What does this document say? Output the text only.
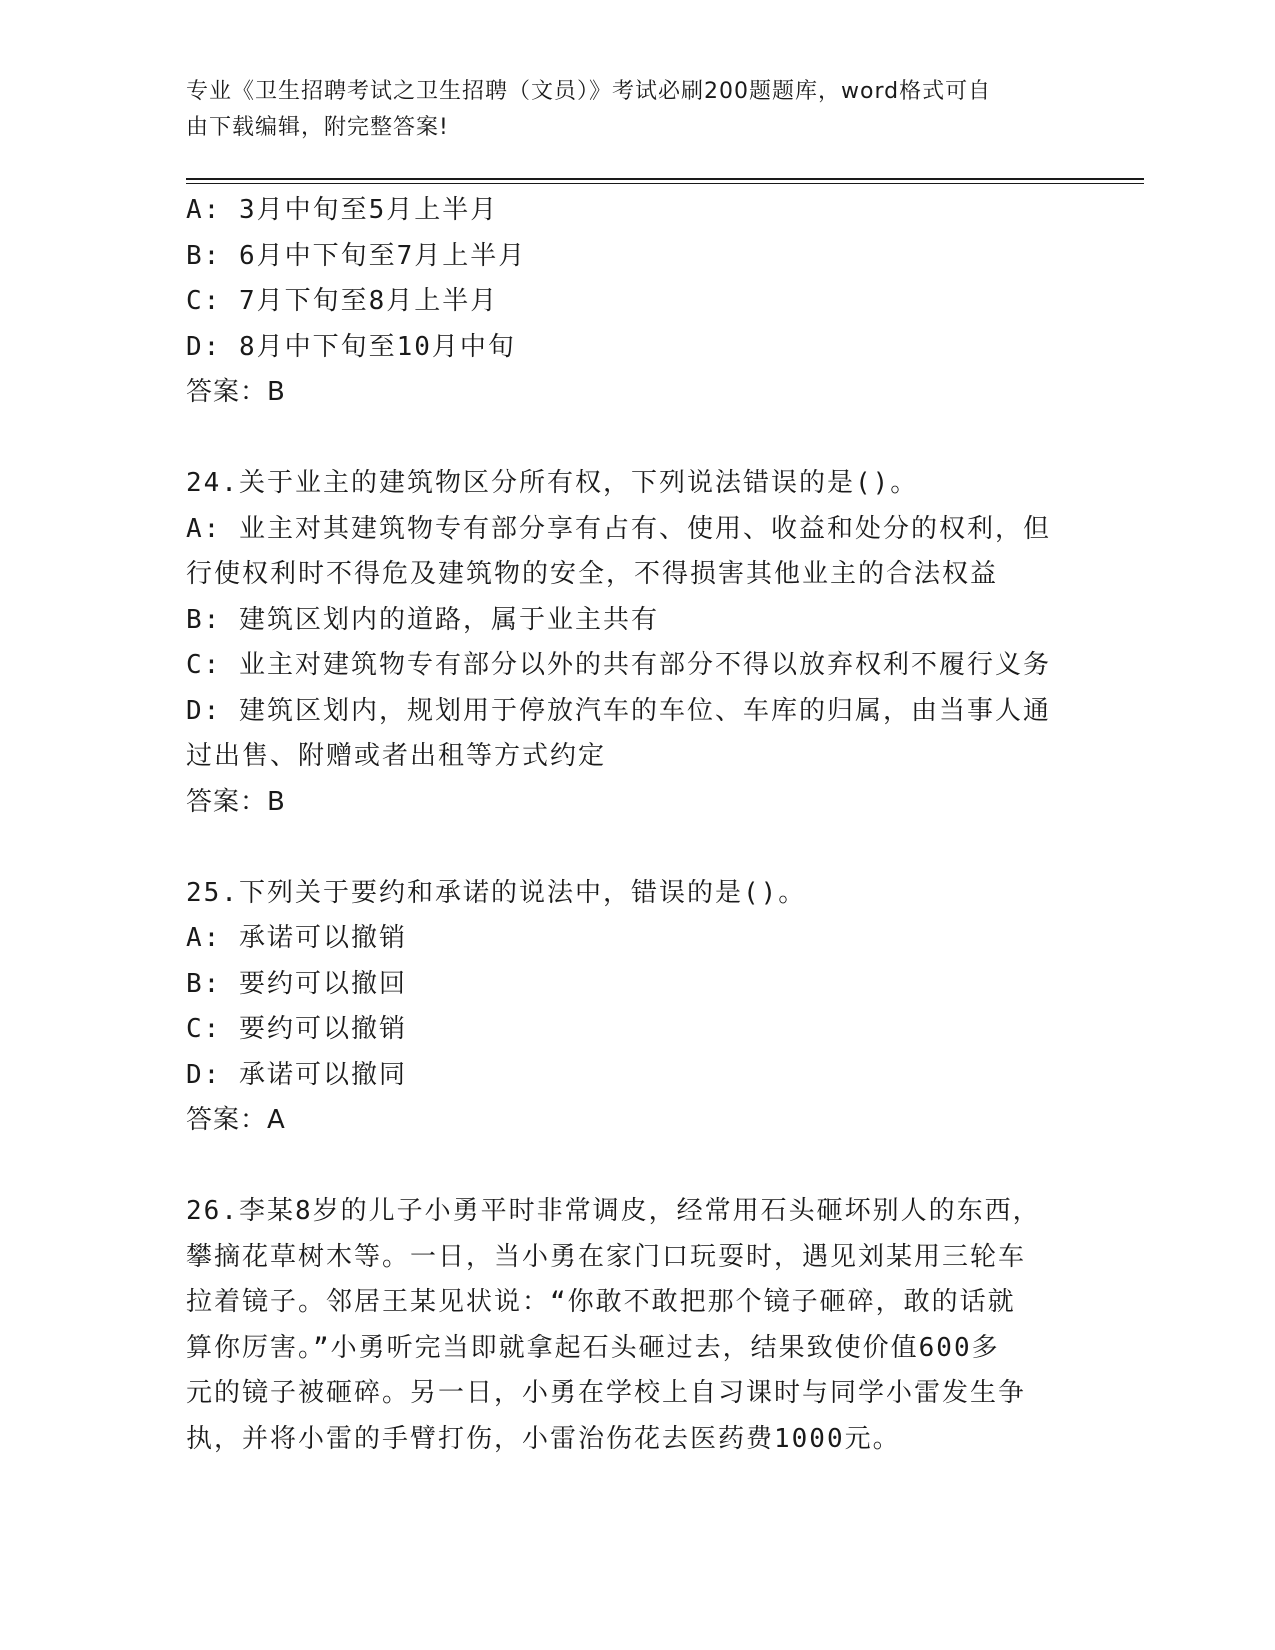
专业《卫生招聘考试之卫生招聘（文员）》考试必刷200题题库，word格式可自
由下载编辑，附完整答案!

A: 3月中旬至5月上半月

B: 6月中下旬至7月上半月

C: 7月下旬至8月上半月

D: 8月中下旬至10月中旬

答案：B

24.关于业主的建筑物区分所有权，下列说法错误的是()。

A: 业主对其建筑物专有部分享有占有、使用、收益和处分的权利，但

行使权利时不得危及建筑物的安全，不得损害其他业主的合法权益

B: 建筑区划内的道路，属于业主共有

C: 业主对建筑物专有部分以外的共有部分不得以放弃权利不履行义务

D: 建筑区划内，规划用于停放汽车的车位、车库的归属，由当事人通

过出售、附赠或者出租等方式约定

答案：B

25.下列关于要约和承诺的说法中，错误的是()。

A: 承诺可以撤销

B: 要约可以撤回

C: 要约可以撤销

D: 承诺可以撤同

答案：A

26.李某8岁的儿子小勇平时非常调皮，经常用石头砸坏别人的东西，

攀摘花草树木等。一日，当小勇在家门口玩耍时，遇见刘某用三轮车

拉着镜子。邻居王某见状说：“你敢不敢把那个镜子砸碎，敢的话就

算你厉害。”小勇听完当即就拿起石头砸过去，结果致使价值600多

元的镜子被砸碎。另一日，小勇在学校上自习课时与同学小雷发生争

执，并将小雷的手臂打伤，小雷治伤花去医药费1000元。
